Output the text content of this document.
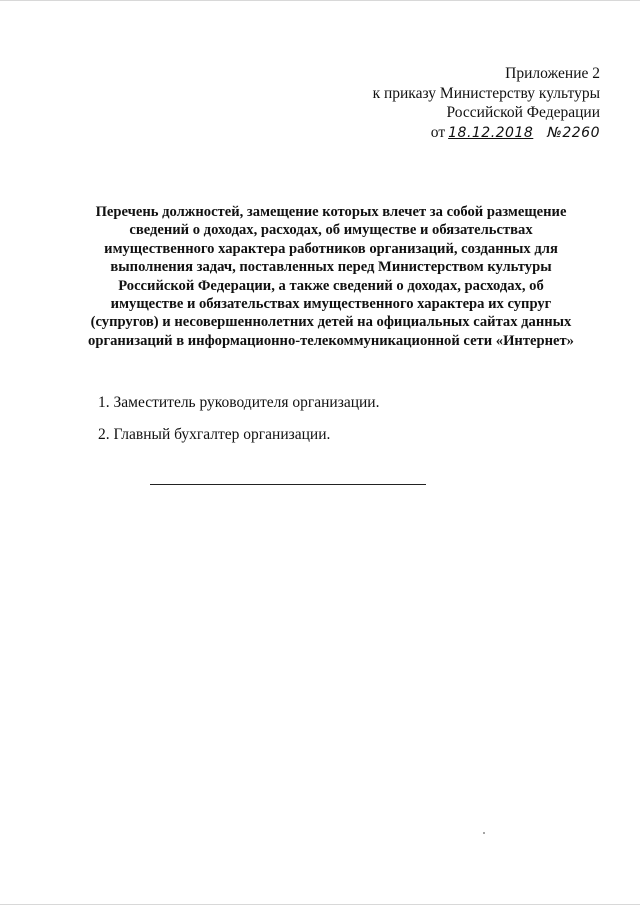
Приложение 2
к приказу Министерству культуры
Российской Федерации
от 18.12.2018 №2260
Перечень должностей, замещение которых влечет за собой размещение
сведений о доходах, расходах, об имуществе и обязательствах
имущественного характера работников организаций, созданных для
выполнения задач, поставленных перед Министерством культуры
Российской Федерации, а также сведений о доходах, расходах, об
имуществе и обязательствах имущественного характера их супруг
(супругов) и несовершеннолетних детей на официальных сайтах данных
организаций в информационно-телекоммуникационной сети «Интернет»
1. Заместитель руководителя организации.
2. Главный бухгалтер организации.
